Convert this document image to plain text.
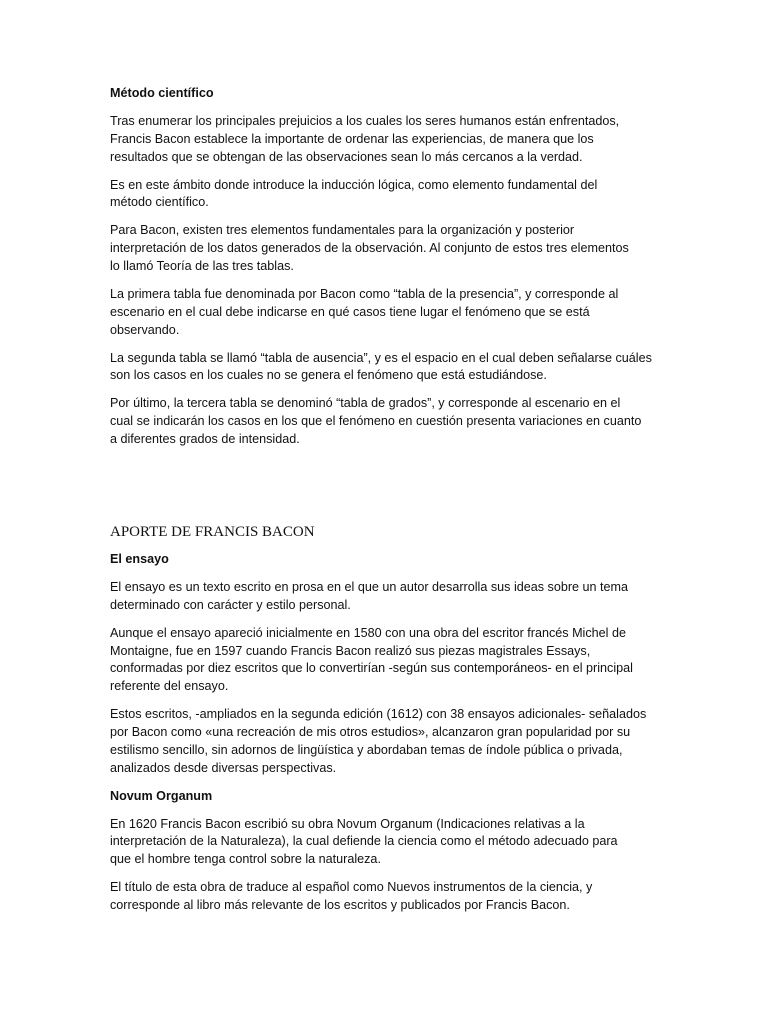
Método científico
Tras enumerar los principales prejuicios a los cuales los seres humanos están enfrentados,
Francis Bacon establece la importante de ordenar las experiencias, de manera que los
resultados que se obtengan de las observaciones sean lo más cercanos a la verdad.
Es en este ámbito donde introduce la inducción lógica, como elemento fundamental del
método científico.
Para Bacon, existen tres elementos fundamentales para la organización y posterior
interpretación de los datos generados de la observación. Al conjunto de estos tres elementos
lo llamó Teoría de las tres tablas.
La primera tabla fue denominada por Bacon como “tabla de la presencia”, y corresponde al
escenario en el cual debe indicarse en qué casos tiene lugar el fenómeno que se está
observando.
La segunda tabla se llamó “tabla de ausencia”, y es el espacio en el cual deben señalarse cuáles
son los casos en los cuales no se genera el fenómeno que está estudiándose.
Por último, la tercera tabla se denominó “tabla de grados”, y corresponde al escenario en el
cual se indicarán los casos en los que el fenómeno en cuestión presenta variaciones en cuanto
a diferentes grados de intensidad.
APORTE DE FRANCIS BACON
El ensayo
El ensayo es un texto escrito en prosa en el que un autor desarrolla sus ideas sobre un tema
determinado con carácter y estilo personal.
Aunque el ensayo apareció inicialmente en 1580 con una obra del escritor francés Michel de
Montaigne, fue en 1597 cuando Francis Bacon realizó sus piezas magistrales Essays,
conformadas por diez escritos que lo convertirían -según sus contemporáneos- en el principal
referente del ensayo.
Estos escritos, -ampliados en la segunda edición (1612) con 38 ensayos adicionales- señalados
por Bacon como «una recreación de mis otros estudios», alcanzaron gran popularidad por su
estilismo sencillo, sin adornos de lingüística y abordaban temas de índole pública o privada,
analizados desde diversas perspectivas.
Novum Organum
En 1620 Francis Bacon escribió su obra Novum Organum (Indicaciones relativas a la
interpretación de la Naturaleza), la cual defiende la ciencia como el método adecuado para
que el hombre tenga control sobre la naturaleza.
El título de esta obra de traduce al español como Nuevos instrumentos de la ciencia, y
corresponde al libro más relevante de los escritos y publicados por Francis Bacon.
